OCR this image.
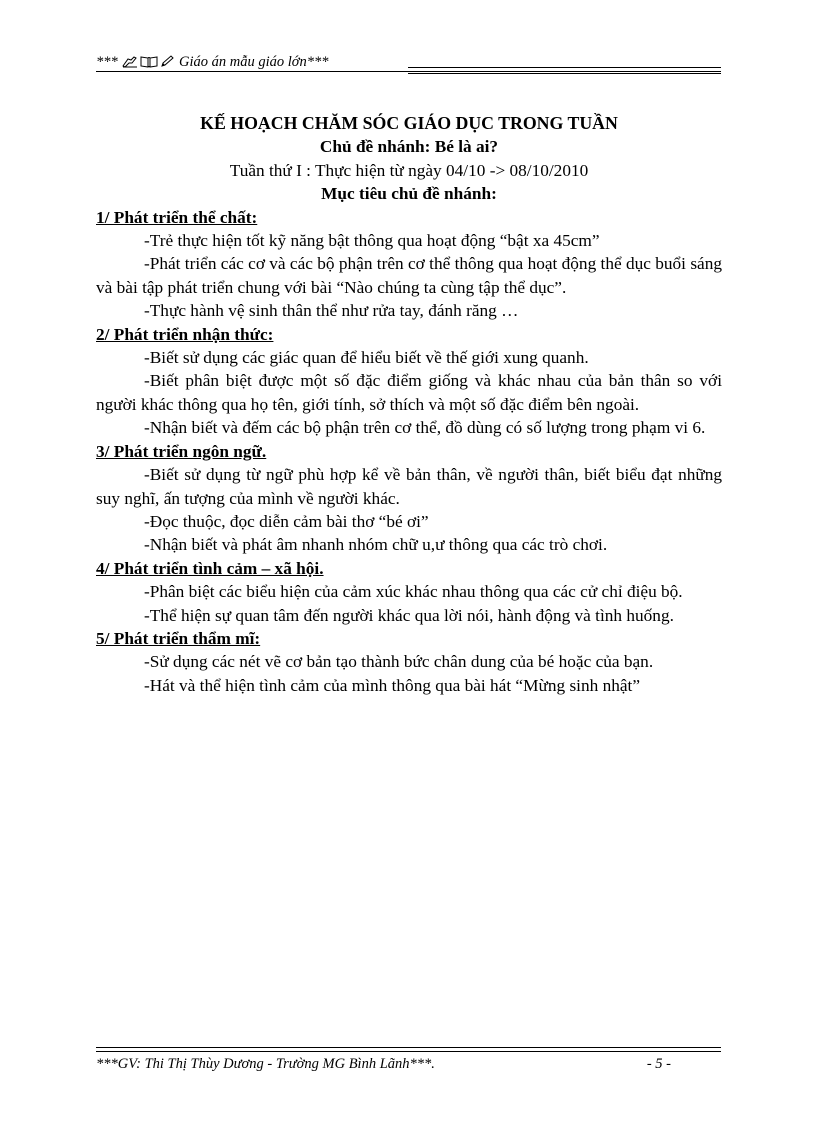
***	Giáo án mẫu giáo lớn***
KẾ HOẠCH CHĂM SÓC GIÁO DỤC TRONG TUẦN
Chủ đề nhánh: Bé là ai?
Tuần thứ I : Thực hiện từ ngày 04/10 -> 08/10/2010
Mục tiêu chủ đề nhánh:
1/ Phát triển thể chất:

-Trẻ thực hiện tốt kỹ năng bật thông qua hoạt động “bật xa 45cm”

-Phát triển các cơ và các bộ phận trên cơ thể thông qua hoạt động thể dục buổi sáng và bài tập phát triển chung với bài “Nào chúng ta cùng tập thể dục”.

-Thực hành vệ sinh thân thể như rửa tay, đánh răng …

2/ Phát triển nhận thức:

-Biết sử dụng các giác quan để hiểu biết về thế giới xung quanh.

-Biết phân biệt được một số đặc điểm giống và khác nhau của bản thân so với người khác thông qua họ tên, giới tính, sở thích và một số đặc điểm bên ngoài.

-Nhận biết và đếm các bộ phận trên cơ thể, đồ dùng có số lượng trong phạm vi 6.

3/ Phát triển ngôn ngữ.

-Biết sử dụng từ ngữ phù hợp kể về bản thân, về người thân, biết biểu đạt những suy nghĩ, ấn tượng của mình về người khác.

-Đọc thuộc, đọc diễn cảm bài thơ “bé ơi”

-Nhận biết và phát âm nhanh nhóm chữ u,ư thông qua các trò chơi.

4/ Phát triển tình cảm – xã hội.

-Phân biệt các biểu hiện của cảm xúc khác nhau thông qua các cử chỉ điệu bộ.

-Thể hiện sự quan tâm đến người khác qua lời nói, hành động và tình huống.

5/ Phát triển thẩm mĩ:

-Sử dụng các nét vẽ cơ bản tạo thành bức chân dung của bé hoặc của bạn.

-Hát và thể hiện tình cảm của mình thông qua bài hát “Mừng sinh nhật”

***GV: Thi Thị Thùy Dương - Trường MG Bình Lãnh***.	- 5 -
